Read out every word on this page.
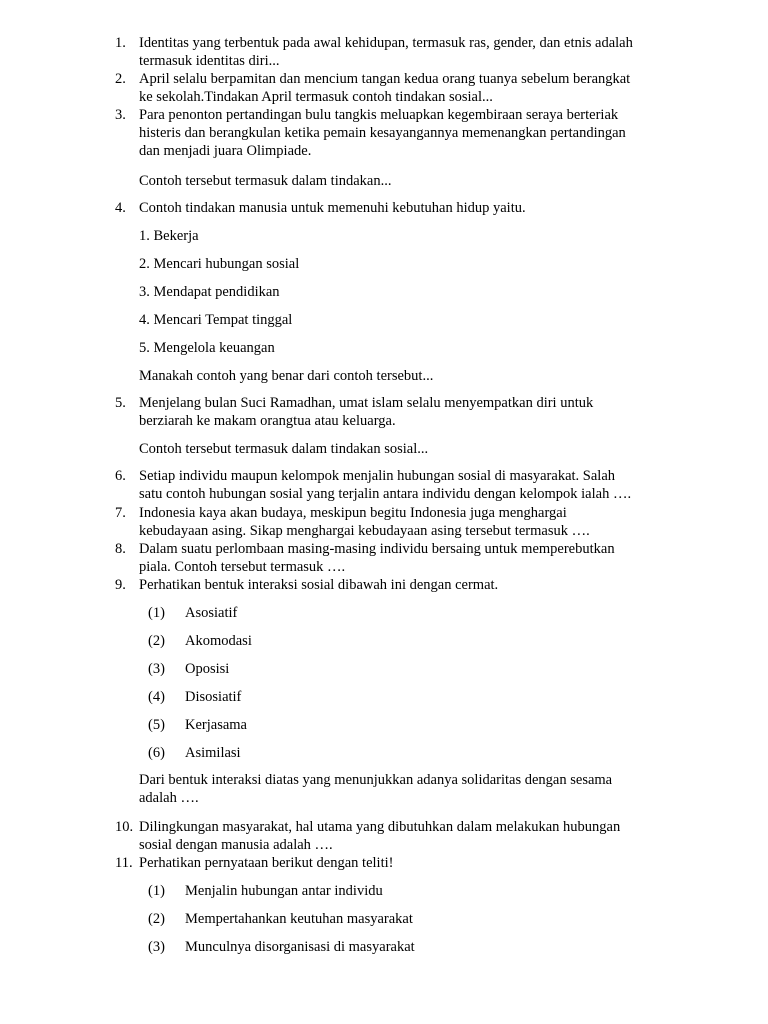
1. Identitas yang terbentuk pada awal kehidupan, termasuk ras, gender, dan etnis adalah
termasuk identitas diri...
2. April selalu berpamitan dan mencium tangan kedua orang tuanya sebelum berangkat
ke sekolah.Tindakan April termasuk contoh tindakan sosial...
3. Para penonton pertandingan bulu tangkis meluapkan kegembiraan seraya berteriak
histeris dan berangkulan ketika pemain kesayangannya memenangkan pertandingan
dan menjadi juara Olimpiade.
Contoh tersebut termasuk dalam tindakan...
4. Contoh tindakan manusia untuk memenuhi kebutuhan hidup yaitu.
1. Bekerja
2. Mencari hubungan sosial
3. Mendapat pendidikan
4. Mencari Tempat tinggal
5. Mengelola keuangan
Manakah contoh yang benar dari contoh tersebut...
5. Menjelang bulan Suci Ramadhan, umat islam selalu menyempatkan diri untuk
berziarah ke makam orangtua atau keluarga.
Contoh tersebut termasuk dalam tindakan sosial...
6. Setiap individu maupun kelompok menjalin hubungan sosial di masyarakat. Salah
satu contoh hubungan sosial yang terjalin antara individu dengan kelompok ialah ….
7. Indonesia kaya akan budaya, meskipun begitu Indonesia juga menghargai
kebudayaan asing. Sikap menghargai kebudayaan asing tersebut termasuk ….
8. Dalam suatu perlombaan masing-masing individu bersaing untuk memperebutkan
piala. Contoh tersebut termasuk ….
9. Perhatikan bentuk interaksi sosial dibawah ini dengan cermat.
(1) Asosiatif
(2) Akomodasi
(3) Oposisi
(4) Disosiatif
(5) Kerjasama
(6) Asimilasi
Dari bentuk interaksi diatas yang menunjukkan adanya solidaritas dengan sesama
adalah ….
10. Dilingkungan masyarakat, hal utama yang dibutuhkan dalam melakukan hubungan
sosial dengan manusia adalah ….
11. Perhatikan pernyataan berikut dengan teliti!
(1) Menjalin hubungan antar individu
(2) Mempertahankan keutuhan masyarakat
(3) Munculnya disorganisasi di masyarakat
